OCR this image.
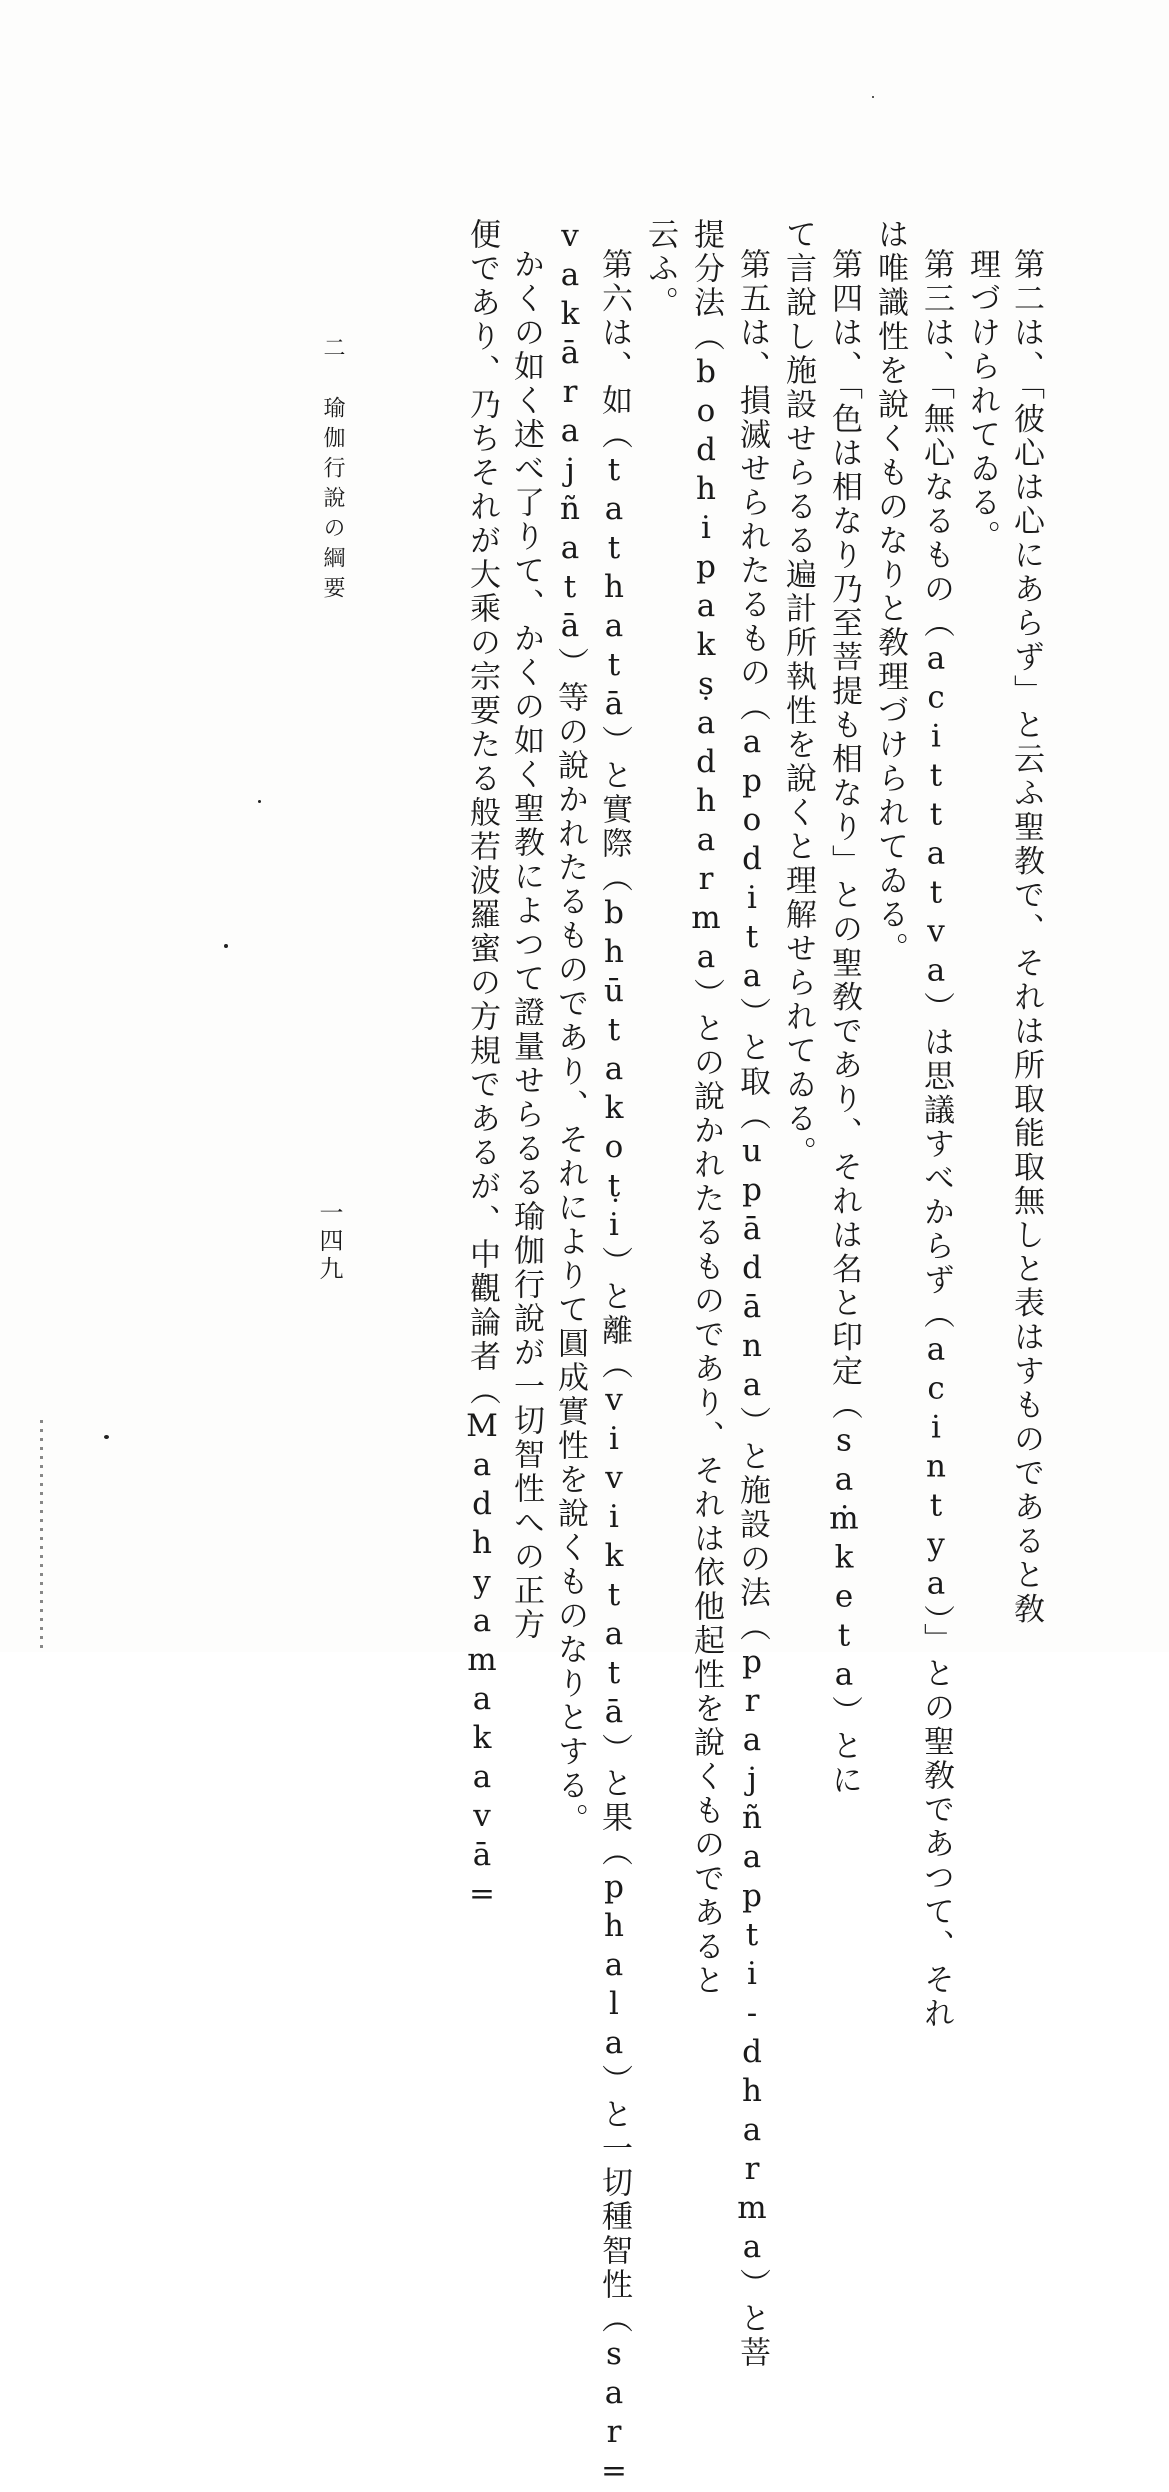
第二は、「彼心は心にあらず」と云ふ聖教で、それは所取能取無しと表はすものであると敎
理づけられてゐる。
第三は、「無心なるもの（acittatva）は思議すべからず（acintya）」との聖敎であつて、それ
は唯識性を說くものなりと敎理づけられてゐる。
第四は、「色は相なり乃至菩提も相なり」との聖敎であり、それは名と印定（saṁketa）とに
て言說し施設せらるる遍計所執性を說くと理解せられてゐる。
第五は、損滅せられたるもの（apodita）と取（upādāna）と施設の法（prajñapti-dharma）と菩
提分法（bodhipakṣadharma）との說かれたるものであり、それは依他起性を說くものであると
云ふ。
第六は、如（tathatā）と實際（bhūtakoṭi）と離（viviktatā）と果（phala）と一切種智性（sar=
vakārajñatā）等の說かれたるものであり、それによりて圓成實性を說くものなりとする。
かくの如く述べ了りて、かくの如く聖教によつて證量せらるる瑜伽行說が一切智性への正方
便であり、乃ちそれが大乘の宗要たる般若波羅蜜の方規であるが、中觀論者（Madhyamakavā=
二　瑜伽行說の綱要
一四九
